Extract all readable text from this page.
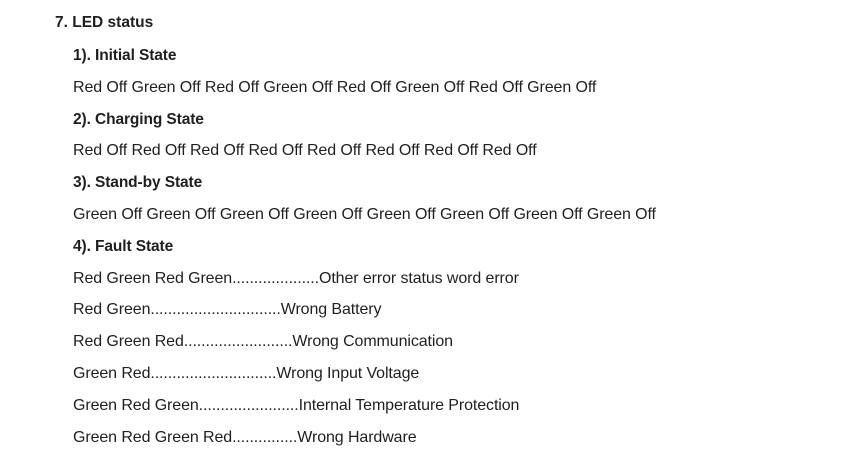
7. LED status
1). Initial State
Red Off Green Off Red Off Green Off Red Off Green Off Red Off Green Off
2). Charging State
Red Off Red Off Red Off Red Off Red Off Red Off Red Off Red Off
3). Stand-by State
Green Off Green Off Green Off Green Off Green Off Green Off Green Off Green Off
4). Fault State
Red Green Red Green....................Other error status word error
Red Green..............................Wrong Battery
Red Green Red.........................Wrong Communication
Green Red.............................Wrong Input Voltage
Green Red Green.......................Internal Temperature Protection
Green Red Green Red...............Wrong Hardware
